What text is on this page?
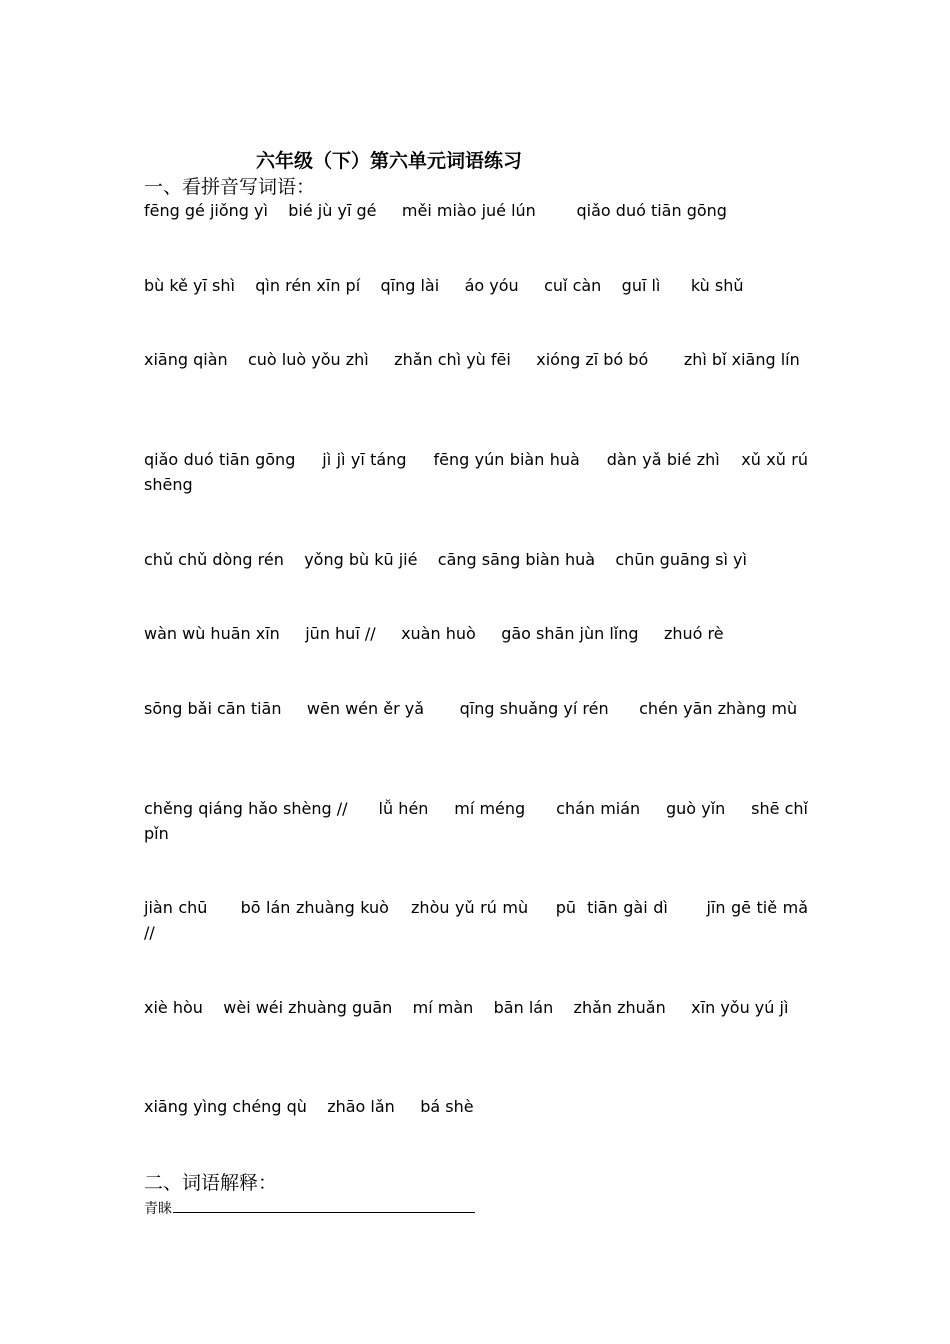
六年级（下）第六单元词语练习
一、看拼音写词语：
fēng gé jiǒng yì    bié jù yī gé     měi miào jué lún        qiǎo duó tiān gōng
bù kě yī shì    qìn rén xīn pí    qīng lài     áo yóu     cuǐ càn    guī lì      kù shǔ
xiāng qiàn    cuò luò yǒu zhì     zhǎn chì yù fēi     xióng zī bó bó       zhì bǐ xiāng lín
qiǎo duó tiān gōng     jì jì yī táng     fēng yún biàn huà     dàn yǎ bié zhì    xǔ xǔ rú shēng
chǔ chǔ dòng rén    yǒng bù kū jié    cāng sāng biàn huà    chūn guāng sì yì
wàn wù huān xīn     jūn huī //     xuàn huò     gāo shān jùn lǐng     zhuó rè
sōng bǎi cān tiān     wēn wén ěr yǎ       qīng shuǎng yí rén      chén yān zhàng mù
chěng qiáng hǎo shèng //      lǚ hén     mí méng      chán mián     guò yǐn     shē chǐ pǐn
jiàn chū      bō lán zhuàng kuò    zhòu yǔ rú mù     pū  tiān gài dì       jīn gē tiě mǎ //
xiè hòu    wèi wéi zhuàng guān    mí màn    bān lán    zhǎn zhuǎn     xīn yǒu yú jì
xiāng yìng chéng qù    zhāo lǎn     bá shè
二、词语解释：
青睐
